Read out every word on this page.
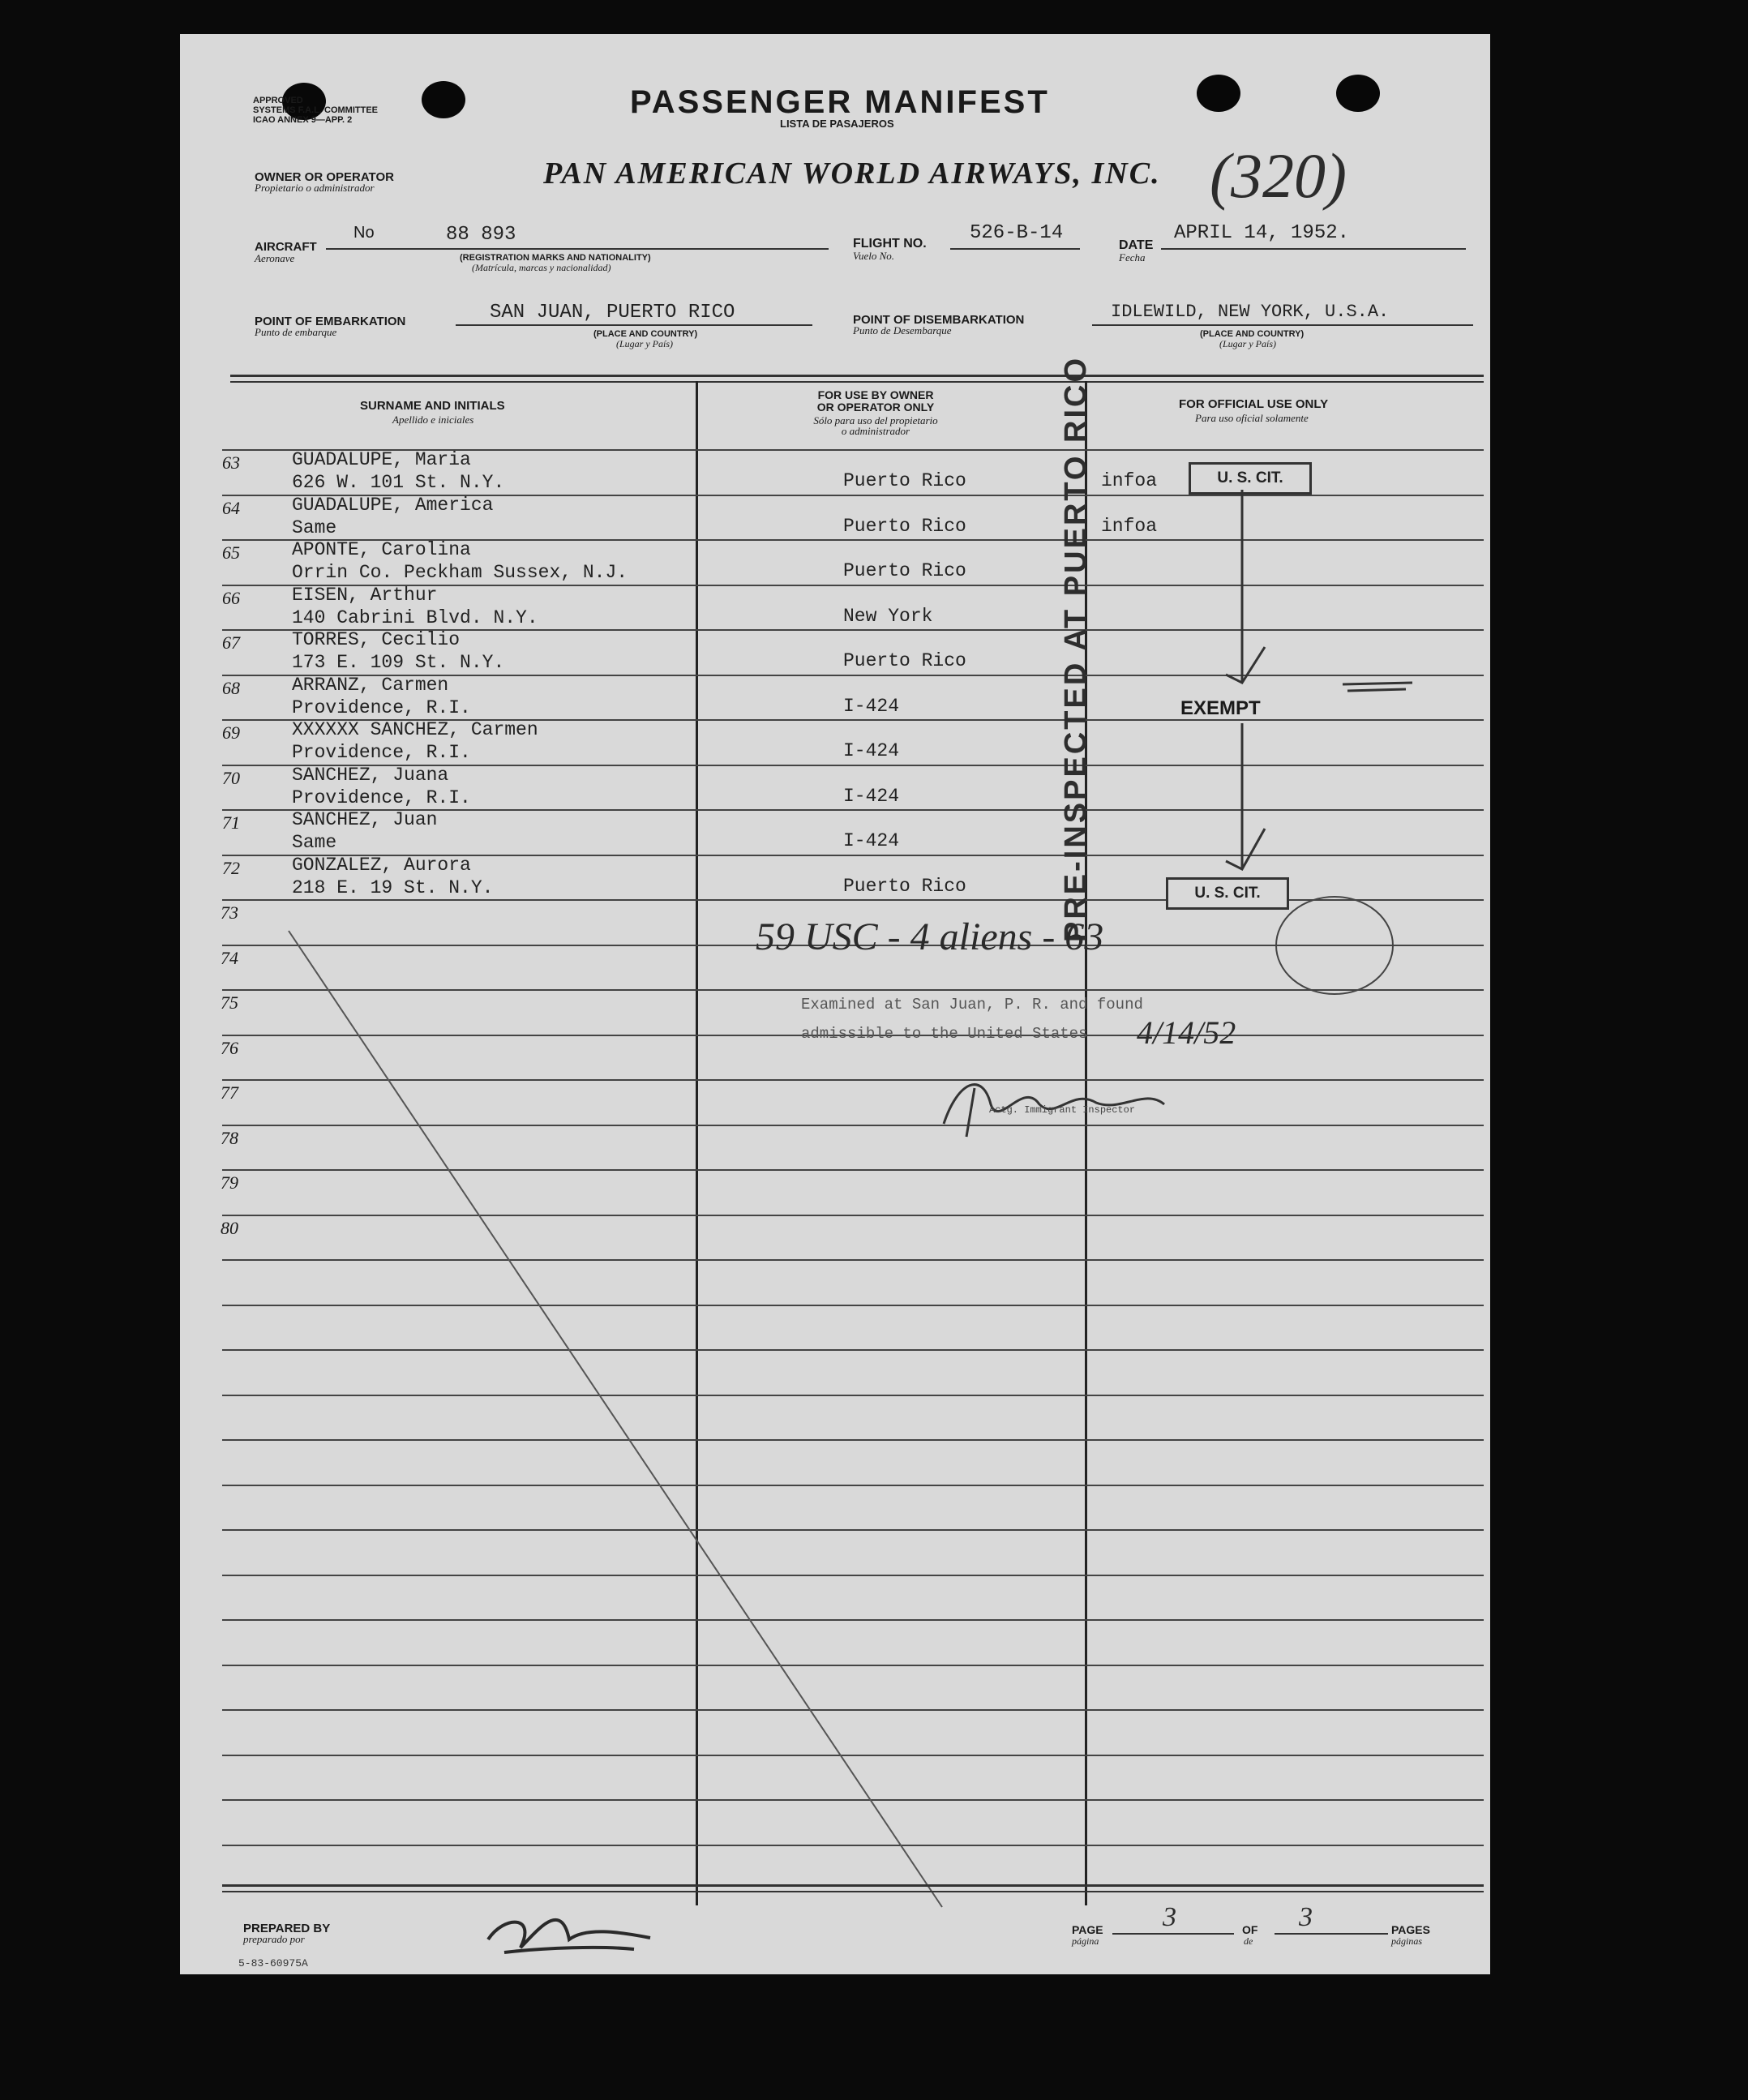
APPROVED
SYSTEMS F.A.L. COMMITTEE
ICAO ANNEX 9—APP. 2	PASSENGER MANIFEST
LISTA DE PASAJEROS
OWNER OR OPERATOR
Propietario o administrador	PAN AMERICAN WORLD AIRWAYS, INC. (320)
AIRCRAFT
Aeronave
No	88 893
(REGISTRATION MARKS AND NATIONALITY)
(Matrícula, marcas y nacionalidad)
FLIGHT NO.
Vuelo No.
526-B-14
DATE
Fecha
APRIL 14, 1952.
POINT OF EMBARKATION
Punto de embarque
SAN JUAN, PUERTO RICO
(PLACE AND COUNTRY)
(Lugar y País)
POINT OF DISEMBARKATION
Punto de Desembarque
IDLEWILD, NEW YORK, U.S.A.
(PLACE AND COUNTRY)
(Lugar y País)
SURNAME AND INITIALS
Apellido e iniciales
FOR USE BY OWNER
OR OPERATOR ONLY
Sólo para uso del propietario
o administrador
FOR OFFICIAL USE ONLY
Para uso oficial solamente
63	GUADALUPE, Maria
626 W. 101 St. N.Y.	Puerto Rico	infoa
64	GUADALUPE, America
Same	Puerto Rico	infoa
65	APONTE, Carolina
Orrin Co. Peckham Sussex, N.J.	Puerto Rico
66	EISEN, Arthur
140 Cabrini Blvd. N.Y.	New York
67	TORRES, Cecilio
173 E. 109 St. N.Y.	Puerto Rico
68	ARRANZ, Carmen
Providence, R.I.	I-424
69	XXXXXX SANCHEZ, Carmen
Providence, R.I.	I-424
70	SANCHEZ, Juana
Providence, R.I.	I-424
71	SANCHEZ, Juan
Same	I-424
72	GONZALEZ, Aurora
218 E. 19 St. N.Y.	Puerto Rico
73
74
75
76
77
78
79
80
PRE-INSPECTED AT PUERTO RICO	U. S. CIT.
EXEMPT
U. S. CIT.
59 USC - 4 aliens - 63
Examined at San Juan, P. R. and found
admissible to the United States 4/14/52
Actg. Immigrant Inspector
PREPARED BY
preparado por
5-83-60975A
PAGE
página
3	OF
de
3	PAGES
páginas
